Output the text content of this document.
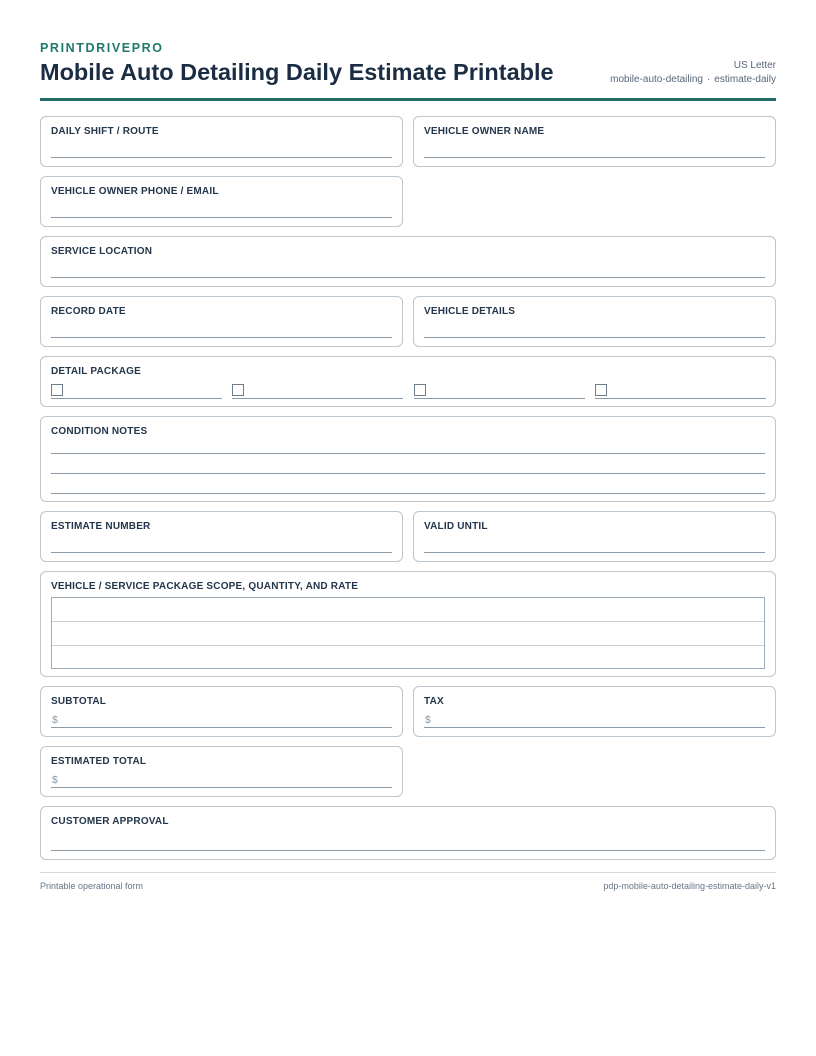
PRINTDRIVEPRO
Mobile Auto Detailing Daily Estimate Printable	US Letter
mobile-auto-detailing · estimate-daily
DAILY SHIFT / ROUTE	VEHICLE OWNER NAME
VEHICLE OWNER PHONE / EMAIL
SERVICE LOCATION
RECORD DATE	VEHICLE DETAILS
DETAIL PACKAGE
CONDITION NOTES
ESTIMATE NUMBER	VALID UNTIL
VEHICLE / SERVICE PACKAGE SCOPE, QUANTITY, AND RATE
SUBTOTAL
$
TAX
$
ESTIMATED TOTAL
$
CUSTOMER APPROVAL
Printable operational form	pdp-mobile-auto-detailing-estimate-daily-v1
